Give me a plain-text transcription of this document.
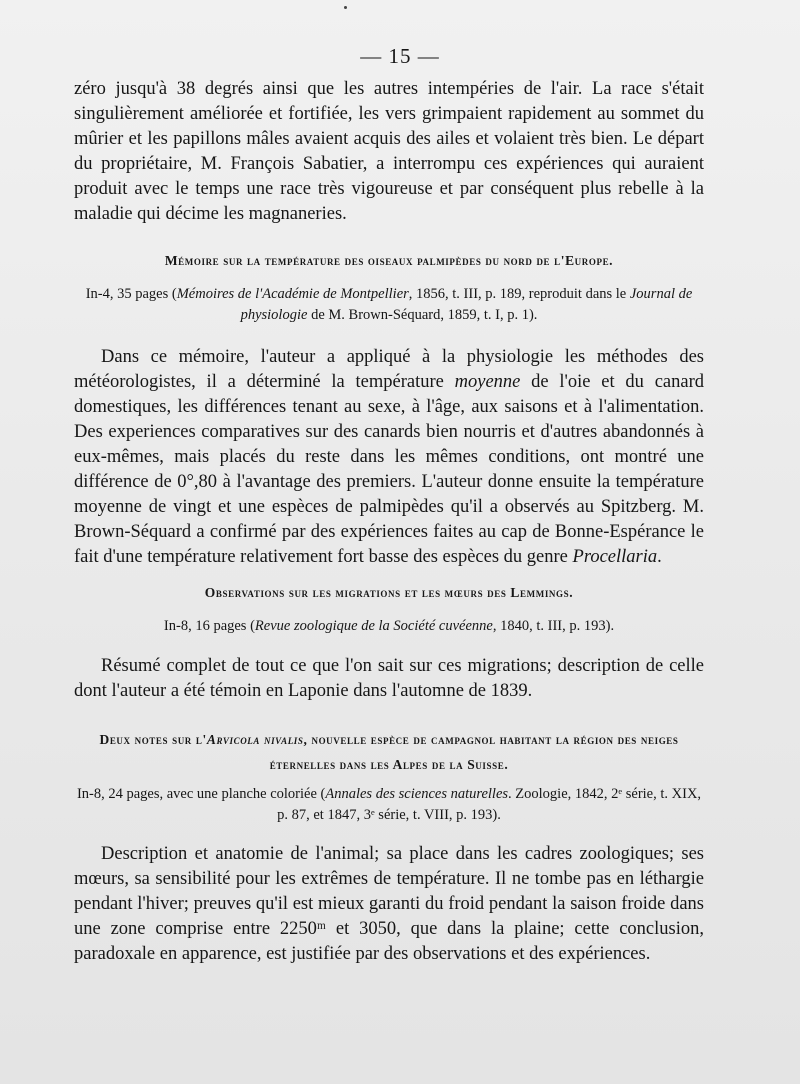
— 15 —

zéro jusqu'à 38 degrés ainsi que les autres intempéries de l'air. La race s'était singulièrement améliorée et fortifiée, les vers grimpaient rapidement au sommet du mûrier et les papillons mâles avaient acquis des ailes et volaient très bien. Le départ du propriétaire, M. François Sabatier, a interrompu ces expériences qui auraient produit avec le temps une race très vigoureuse et par conséquent plus rebelle à la maladie qui décime les magnaneries.

Mémoire sur la température des oiseaux palmipèdes du nord de l'Europe.

In-4, 35 pages (Mémoires de l'Académie de Montpellier, 1856, t. III, p. 189, reproduit dans le Journal de physiologie de M. Brown-Séquard, 1859, t. I, p. 1).

Dans ce mémoire, l'auteur a appliqué à la physiologie les méthodes des météorologistes, il a déterminé la température moyenne de l'oie et du canard domestiques, les différences tenant au sexe, à l'âge, aux saisons et à l'alimentation. Des experiences comparatives sur des canards bien nourris et d'autres abandonnés à eux-mêmes, mais placés du reste dans les mêmes conditions, ont montré une différence de 0°,80 à l'avantage des premiers. L'auteur donne ensuite la température moyenne de vingt et une espèces de palmipèdes qu'il a observés au Spitzberg. M. Brown-Séquard a confirmé par des expériences faites au cap de Bonne-Espérance le fait d'une température relativement fort basse des espèces du genre Procellaria.

Observations sur les migrations et les mœurs des Lemmings.

In-8, 16 pages (Revue zoologique de la Société cuvéenne, 1840, t. III, p. 193).

Résumé complet de tout ce que l'on sait sur ces migrations; description de celle dont l'auteur a été témoin en Laponie dans l'automne de 1839.

Deux notes sur l'Arvicola nivalis, nouvelle espèce de campagnol habitant la région des neiges éternelles dans les Alpes de la Suisse.

In-8, 24 pages, avec une planche coloriée (Annales des sciences naturelles. Zoologie, 1842, 2ᵉ série, t. XIX, p. 87, et 1847, 3ᵉ série, t. VIII, p. 193).

Description et anatomie de l'animal; sa place dans les cadres zoologiques; ses mœurs, sa sensibilité pour les extrêmes de température. Il ne tombe pas en léthargie pendant l'hiver; preuves qu'il est mieux garanti du froid pendant la saison froide dans une zone comprise entre 2250ᵐ et 3050, que dans la plaine; cette conclusion, paradoxale en apparence, est justifiée par des observations et des expériences.
